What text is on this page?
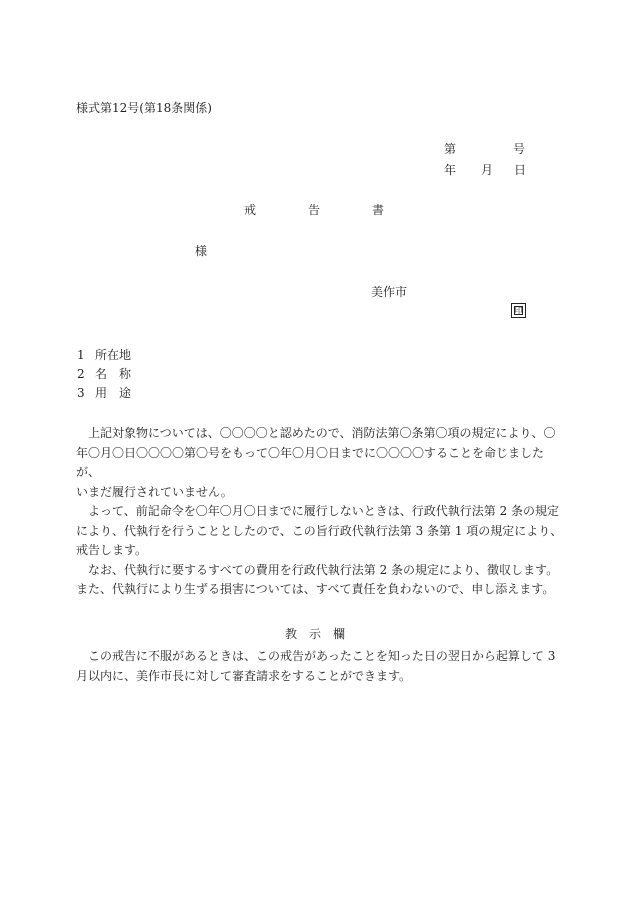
様式第12号(第18条関係)
第	号
年 月 日
戒	告	書
様
美作市
印
1 所在地
2 名　称
3 用　途
　上記対象物については、〇〇〇〇と認めたので、消防法第〇条第〇項の規定により、〇
年〇月〇日〇〇〇〇第〇号をもって〇年〇月〇日までに〇〇〇〇することを命じましたが、
いまだ履行されていません。
　よって、前記命令を〇年〇月〇日までに履行しないときは、行政代執行法第 2 条の規定
により、代執行を行うこととしたので、この旨行政代執行法第 3 条第 1 項の規定により、
戒告します。
　なお、代執行に要するすべての費用を行政代執行法第 2 条の規定により、徴収します。
また、代執行により生ずる損害については、すべて責任を負わないので、申し添えます。
教　示　欄
　この戒告に不服があるときは、この戒告があったことを知った日の翌日から起算して 3
月以内に、美作市長に対して審査請求をすることができます。
